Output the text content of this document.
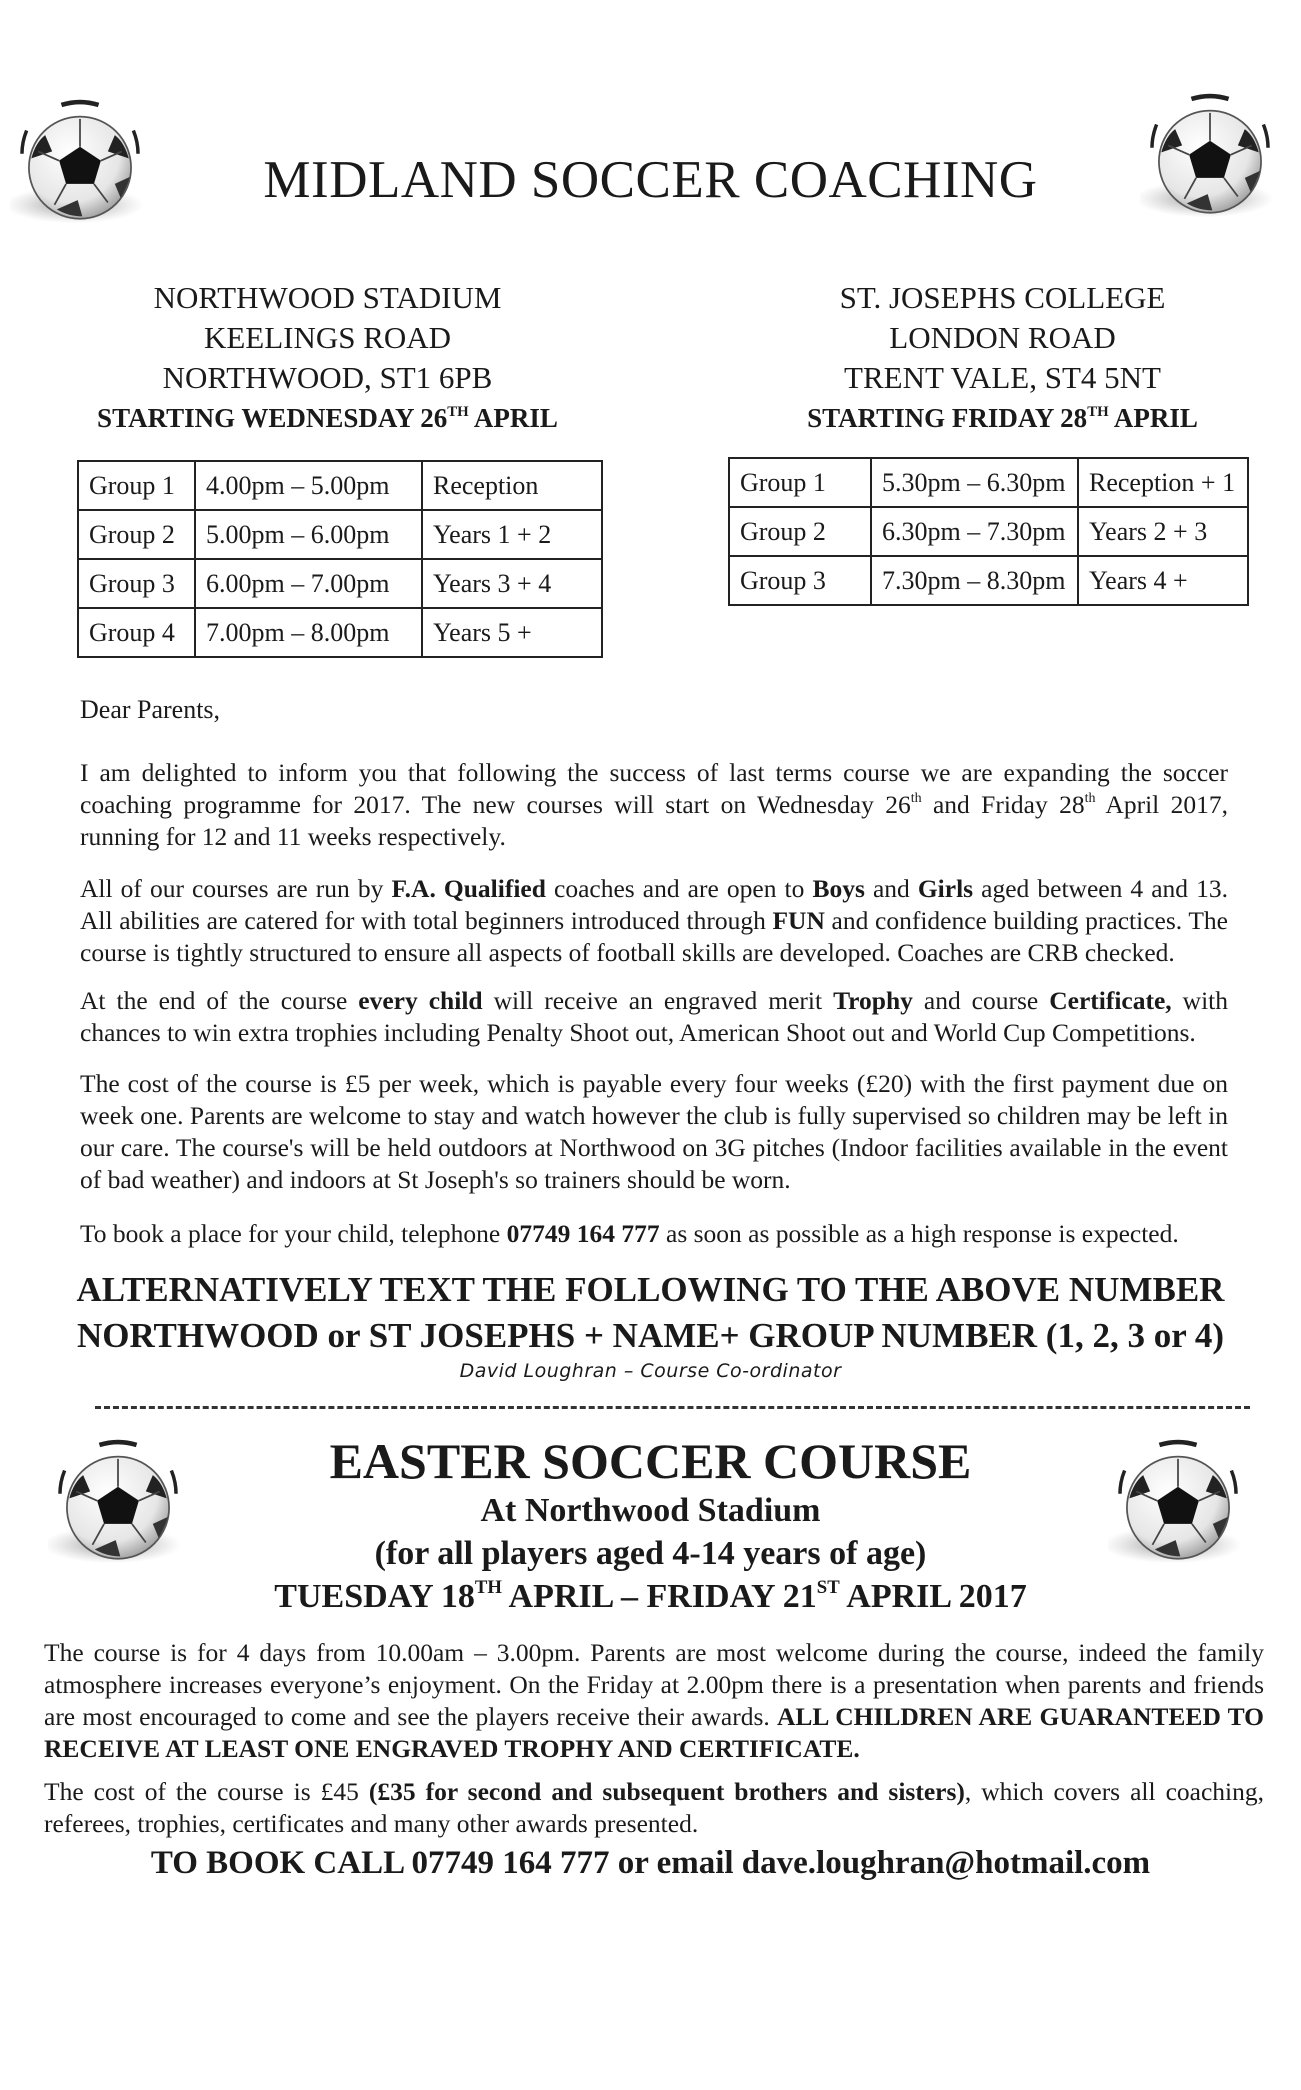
MIDLAND SOCCER COACHING
NORTHWOOD STADIUM
KEELINGS ROAD
NORTHWOOD, ST1 6PB
STARTING WEDNESDAY 26TH APRIL
ST. JOSEPHS COLLEGE
LONDON ROAD
TRENT VALE, ST4 5NT
STARTING FRIDAY 28TH APRIL
Group 1	4.00pm – 5.00pm	Reception
Group 2	5.00pm – 6.00pm	Years 1 + 2
Group 3	6.00pm – 7.00pm	Years 3 + 4
Group 4	7.00pm – 8.00pm	Years 5 +
Group 1	5.30pm – 6.30pm	Reception + 1
Group 2	6.30pm – 7.30pm	Years 2 + 3
Group 3	7.30pm – 8.30pm	Years 4 +
Dear Parents,
I am delighted to inform you that following the success of last terms course we are expanding the soccer coaching programme for 2017. The new courses will start on Wednesday 26th and Friday 28th April 2017, running for 12 and 11 weeks respectively.
All of our courses are run by F.A. Qualified coaches and are open to Boys and Girls aged between 4 and 13. All abilities are catered for with total beginners introduced through FUN and confidence building practices. The course is tightly structured to ensure all aspects of football skills are developed. Coaches are CRB checked.
At the end of the course every child will receive an engraved merit Trophy and course Certificate, with chances to win extra trophies including Penalty Shoot out, American Shoot out and World Cup Competitions.
The cost of the course is £5 per week, which is payable every four weeks (£20) with the first payment due on week one. Parents are welcome to stay and watch however the club is fully supervised so children may be left in our care. The course's will be held outdoors at Northwood on 3G pitches (Indoor facilities available in the event of bad weather) and indoors at St Joseph's so trainers should be worn.
To book a place for your child, telephone 07749 164 777 as soon as possible as a high response is expected.
ALTERNATIVELY TEXT THE FOLLOWING TO THE ABOVE NUMBER
NORTHWOOD or ST JOSEPHS + NAME+ GROUP NUMBER (1, 2, 3 or 4)
David Loughran – Course Co-ordinator
EASTER SOCCER COURSE
At Northwood Stadium
(for all players aged 4-14 years of age)
TUESDAY 18TH APRIL – FRIDAY 21ST APRIL 2017
The course is for 4 days from 10.00am – 3.00pm. Parents are most welcome during the course, indeed the family atmosphere increases everyone’s enjoyment. On the Friday at 2.00pm there is a presentation when parents and friends are most encouraged to come and see the players receive their awards. ALL CHILDREN ARE GUARANTEED TO RECEIVE AT LEAST ONE ENGRAVED TROPHY AND CERTIFICATE.
The cost of the course is £45 (£35 for second and subsequent brothers and sisters), which covers all coaching, referees, trophies, certificates and many other awards presented.
TO BOOK CALL 07749 164 777 or email dave.loughran@hotmail.com
